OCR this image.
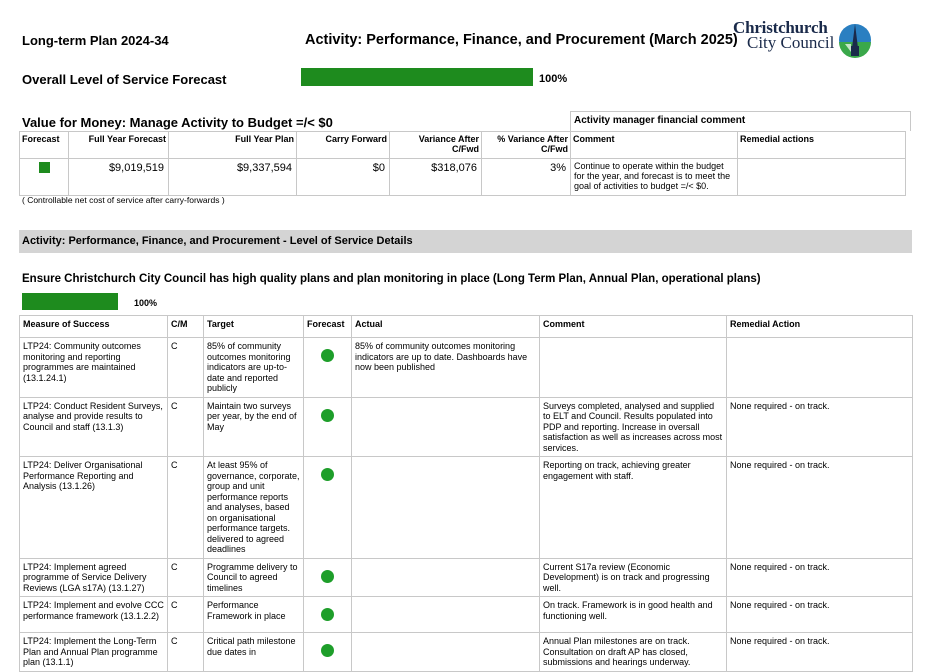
Long-term Plan 2024-34	Activity: Performance, Finance, and Procurement (March 2025)
Christchurch
City Council
Overall Level of Service Forecast	100%
Value for Money: Manage Activity to Budget =/< $0	Activity manager financial comment
Forecast	Full Year Forecast	Full Year Plan	Carry Forward	Variance After C/Fwd	% Variance After C/Fwd	Comment	Remedial actions
	$9,019,519	$9,337,594	$0	$318,076	3%	Continue to operate within the budget for the year, and forecast is to meet the goal of activities to budget =/< $0.	
( Controllable net cost of service after carry-forwards )
Activity: Performance, Finance, and Procurement - Level of Service Details
Ensure Christchurch City Council has high quality plans and plan monitoring in place (Long Term Plan, Annual Plan, operational plans)
100%
Measure of Success	C/M	Target	Forecast	Actual	Comment	Remedial Action
LTP24: Community outcomes monitoring and reporting programmes are maintained (13.1.24.1)	C	85% of community outcomes monitoring indicators are up-to-date and reported publicly		85% of community outcomes monitoring indicators are up to date. Dashboards have now been published		
LTP24: Conduct Resident Surveys, analyse and provide results to Council and staff (13.1.3)	C	Maintain two surveys per year, by the end of May			Surveys completed, analysed and supplied to ELT and Council. Results populated into PDP and reporting. Increase in oversall satisfaction as well as increases across most services.	None required - on track.
LTP24: Deliver Organisational Performance Reporting and Analysis (13.1.26)	C	At least 95% of governance, corporate, group and unit performance reports and analyses, based on organisational performance targets. delivered to agreed deadlines			Reporting on track, achieving greater engagement with staff.	None required - on track.
LTP24: Implement agreed programme of Service Delivery Reviews (LGA s17A) (13.1.27)	C	Programme delivery to Council to agreed timelines			Current S17a review (Economic Development) is on track and progressing well.	None required - on track.
LTP24: Implement and evolve CCC performance framework (13.1.2.2)	C	Performance Framework in place			On track. Framework is in good health and functioning well.	None required - on track.
LTP24: Implement the Long-Term Plan and Annual Plan programme plan (13.1.1)	C	Critical path milestone due dates in			Annual Plan milestones are on track. Consultation on draft AP has closed, submissions and hearings underway.	None required - on track.
